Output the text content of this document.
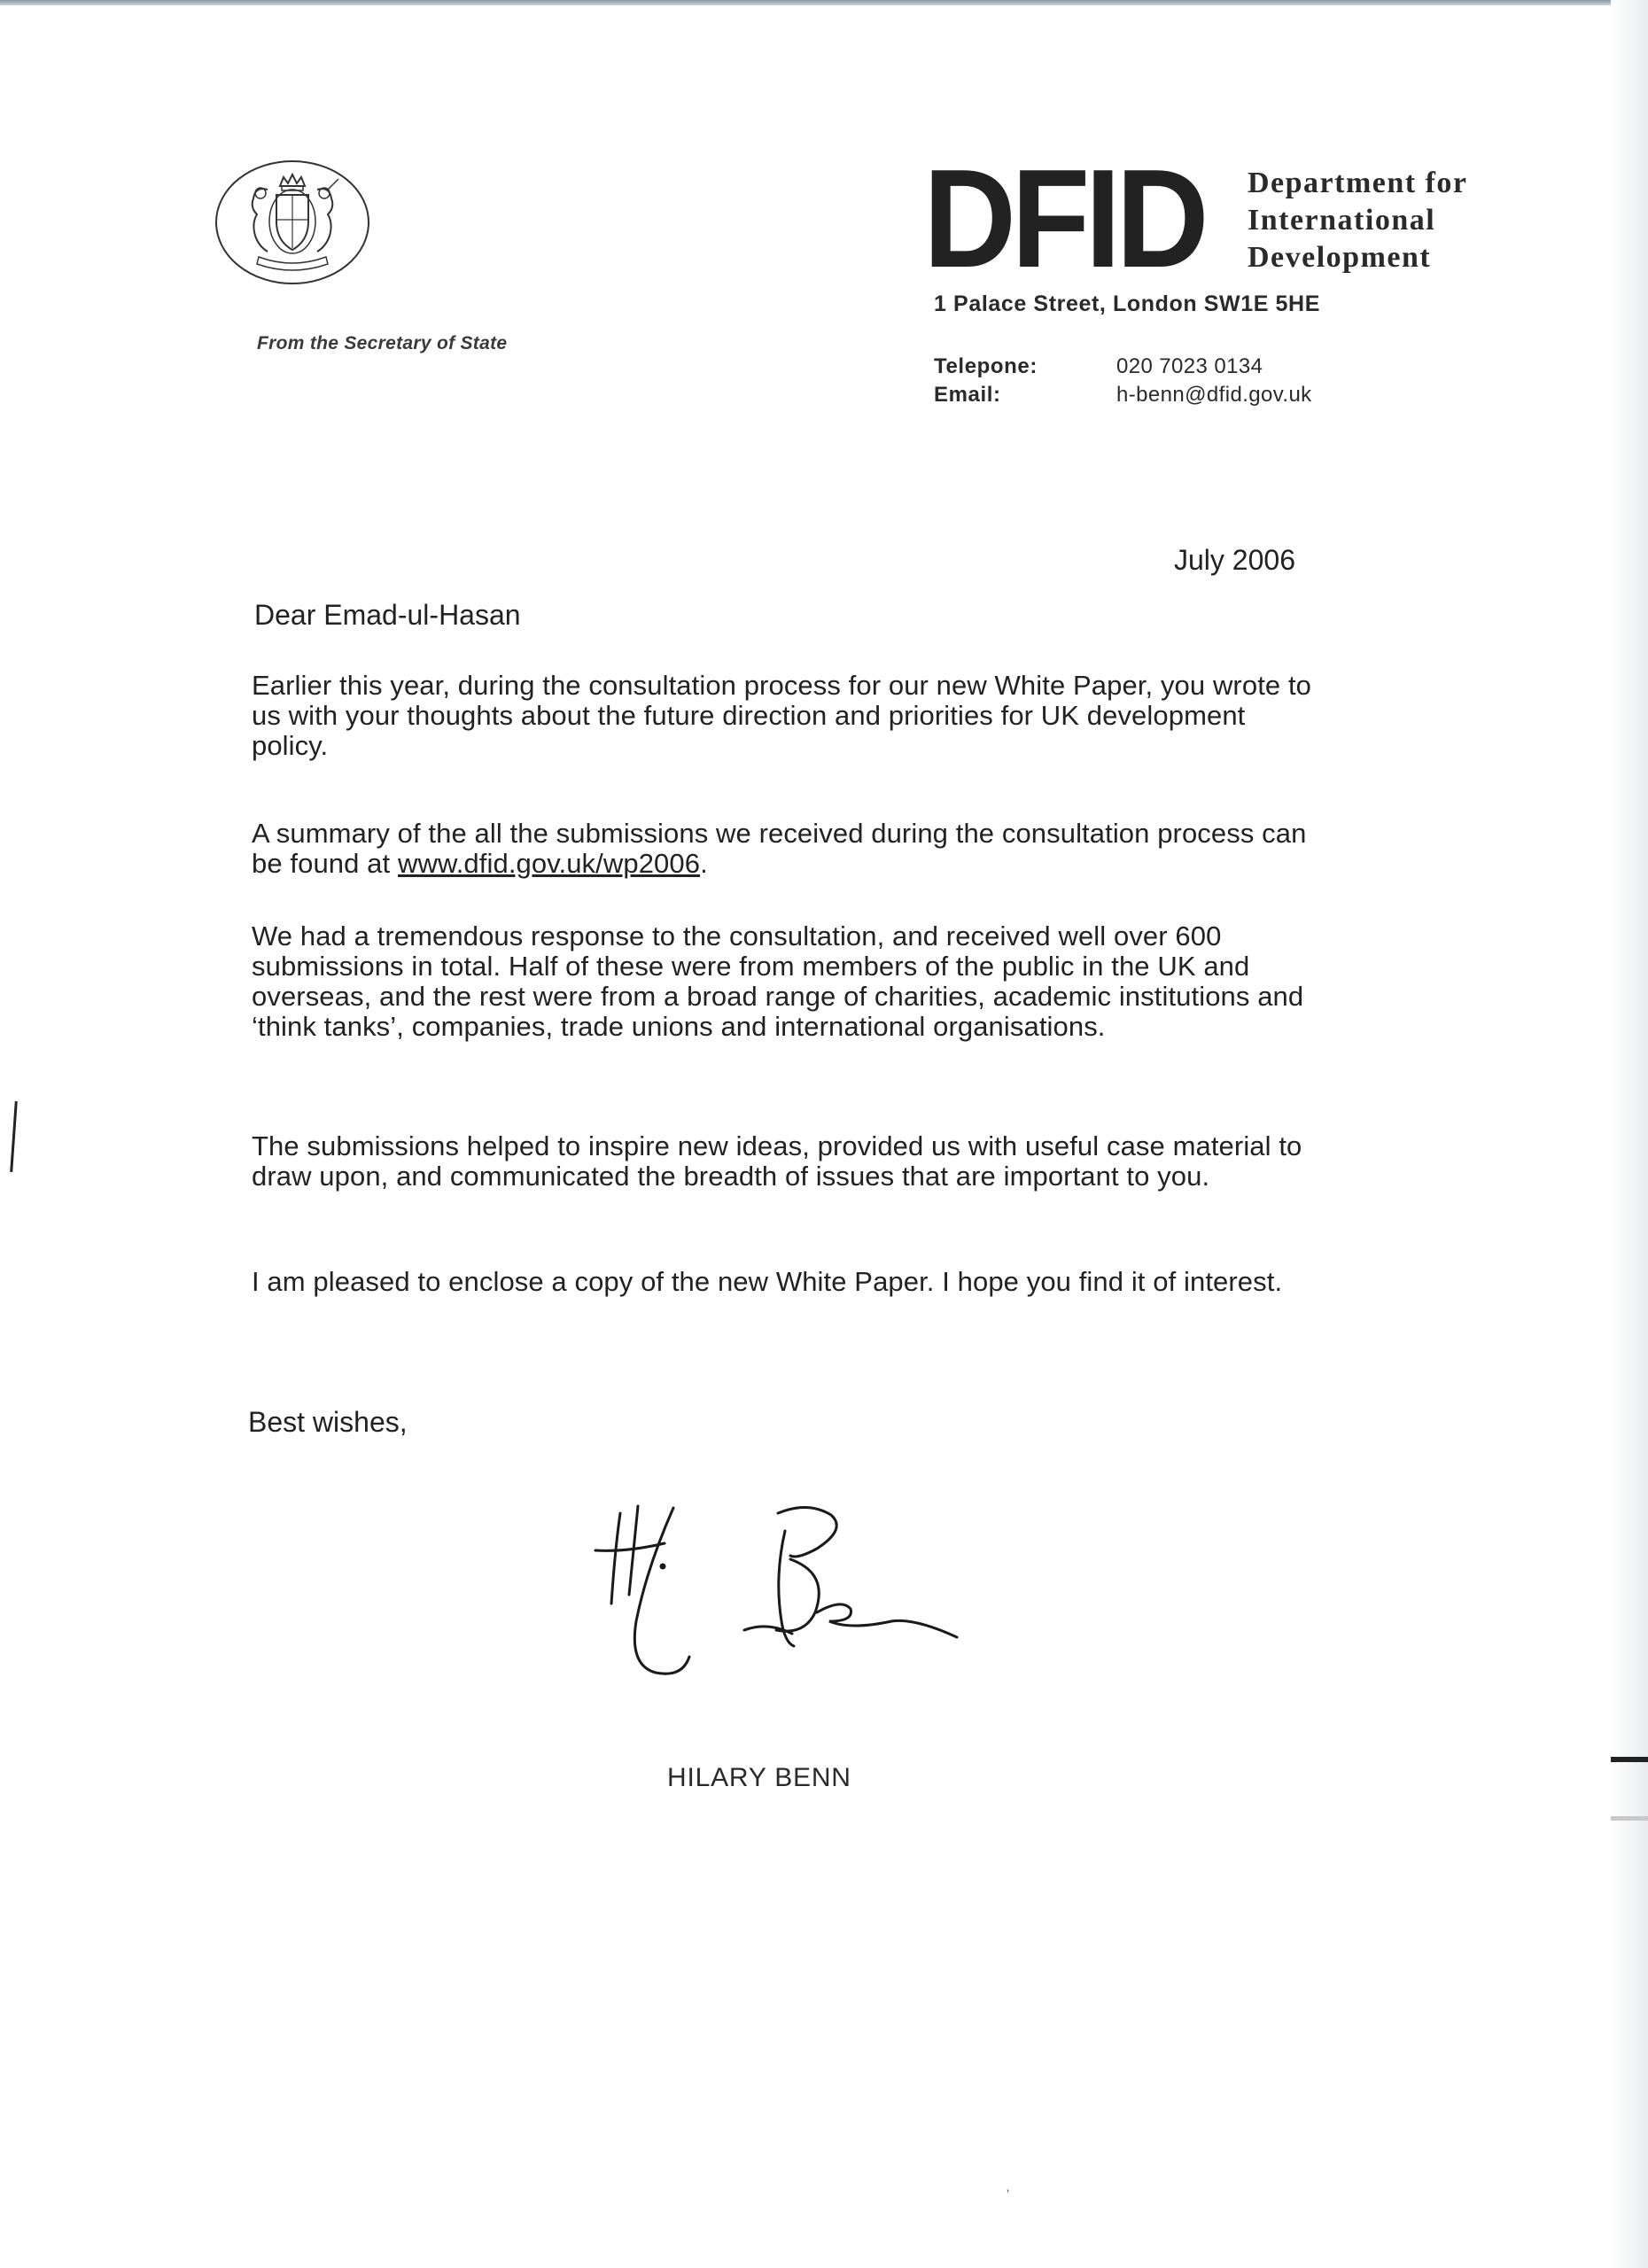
From the Secretary of State
DFID Department for
International
Development
1 Palace Street, London SW1E 5HE
Telepone:	020 7023 0134
Email:	h-benn@dfid.gov.uk
July 2006
Dear Emad-ul-Hasan
Earlier this year, during the consultation process for our new White Paper, you wrote to us with your thoughts about the future direction and priorities for UK development policy.
A summary of the all the submissions we received during the consultation process can be found at www.dfid.gov.uk/wp2006.
We had a tremendous response to the consultation, and received well over 600 submissions in total. Half of these were from members of the public in the UK and overseas, and the rest were from a broad range of charities, academic institutions and ‘think tanks’, companies, trade unions and international organisations.
The submissions helped to inspire new ideas, provided us with useful case material to draw upon, and communicated the breadth of issues that are important to you.
I am pleased to enclose a copy of the new White Paper. I hope you find it of interest.
Best wishes,
HILARY BENN
’
